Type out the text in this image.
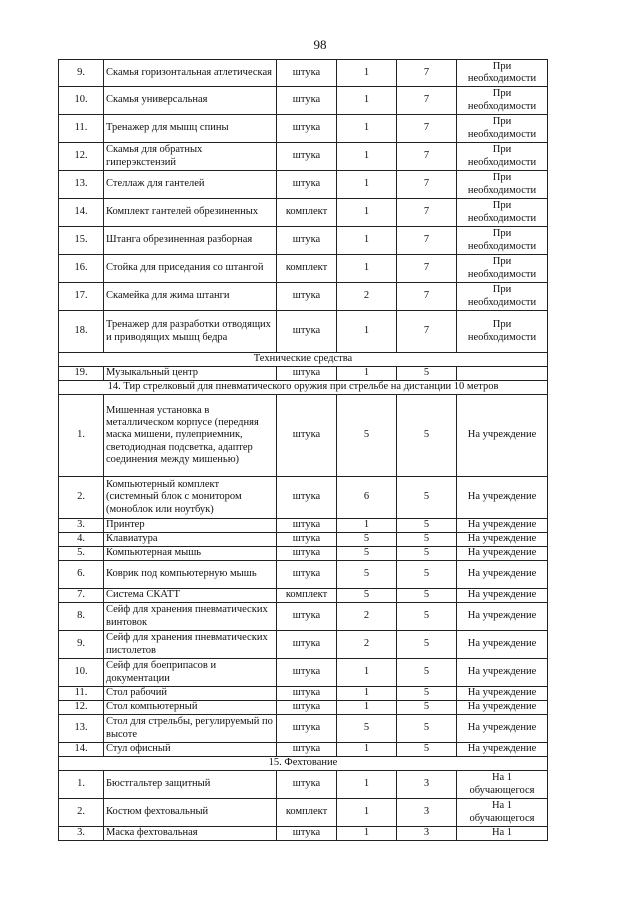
98
9.	Скамья горизонтальная атлетическая	штука	1	7	При необходимости
10.	Скамья универсальная	штука	1	7	При необходимости
11.	Тренажер для мышц спины	штука	1	7	При необходимости
12.	Скамья для обратных гиперэкстензий	штука	1	7	При необходимости
13.	Стеллаж для гантелей	штука	1	7	При необходимости
14.	Комплект гантелей обрезиненных	комплект	1	7	При необходимости
15.	Штанга обрезиненная разборная	штука	1	7	При необходимости
16.	Стойка для приседания со штангой	комплект	1	7	При необходимости
17.	Скамейка для жима штанги	штука	2	7	При необходимости
18.	Тренажер для разработки отводящих и приводящих мышц бедра	штука	1	7	При необходимости
Технические средства					
19.	Музыкальный центр	штука	1	5	
14. Тир стрелковый для пневматического оружия при стрельбе на дистанции 10 метров					
1.	Мишенная установка в металлическом корпусе (передняя маска мишени, пулеприемник, светодиодная подсветка, адаптер соединения между мишенью)	штука	5	5	На учреждение
2.	Компьютерный комплект (системный блок с монитором (моноблок или ноутбук)	штука	6	5	На учреждение
3.	Принтер	штука	1	5	На учреждение
4.	Клавиатура	штука	5	5	На учреждение
5.	Компьютерная мышь	штука	5	5	На учреждение
6.	Коврик под компьютерную мышь	штука	5	5	На учреждение
7.	Система СКАТТ	комплект	5	5	На учреждение
8.	Сейф для хранения пневматических винтовок	штука	2	5	На учреждение
9.	Сейф для хранения пневматических пистолетов	штука	2	5	На учреждение
10.	Сейф для боеприпасов и документации	штука	1	5	На учреждение
11.	Стол рабочий	штука	1	5	На учреждение
12.	Стол компьютерный	штука	1	5	На учреждение
13.	Стол для стрельбы, регулируемый по высоте	штука	5	5	На учреждение
14.	Стул офисный	штука	1	5	На учреждение
15. Фехтование					
1.	Бюстгальтер защитный	штука	1	3	На 1 обучающегося
2.	Костюм фехтовальный	комплект	1	3	На 1 обучающегося
3.	Маска фехтовальная	штука	1	3	На 1
